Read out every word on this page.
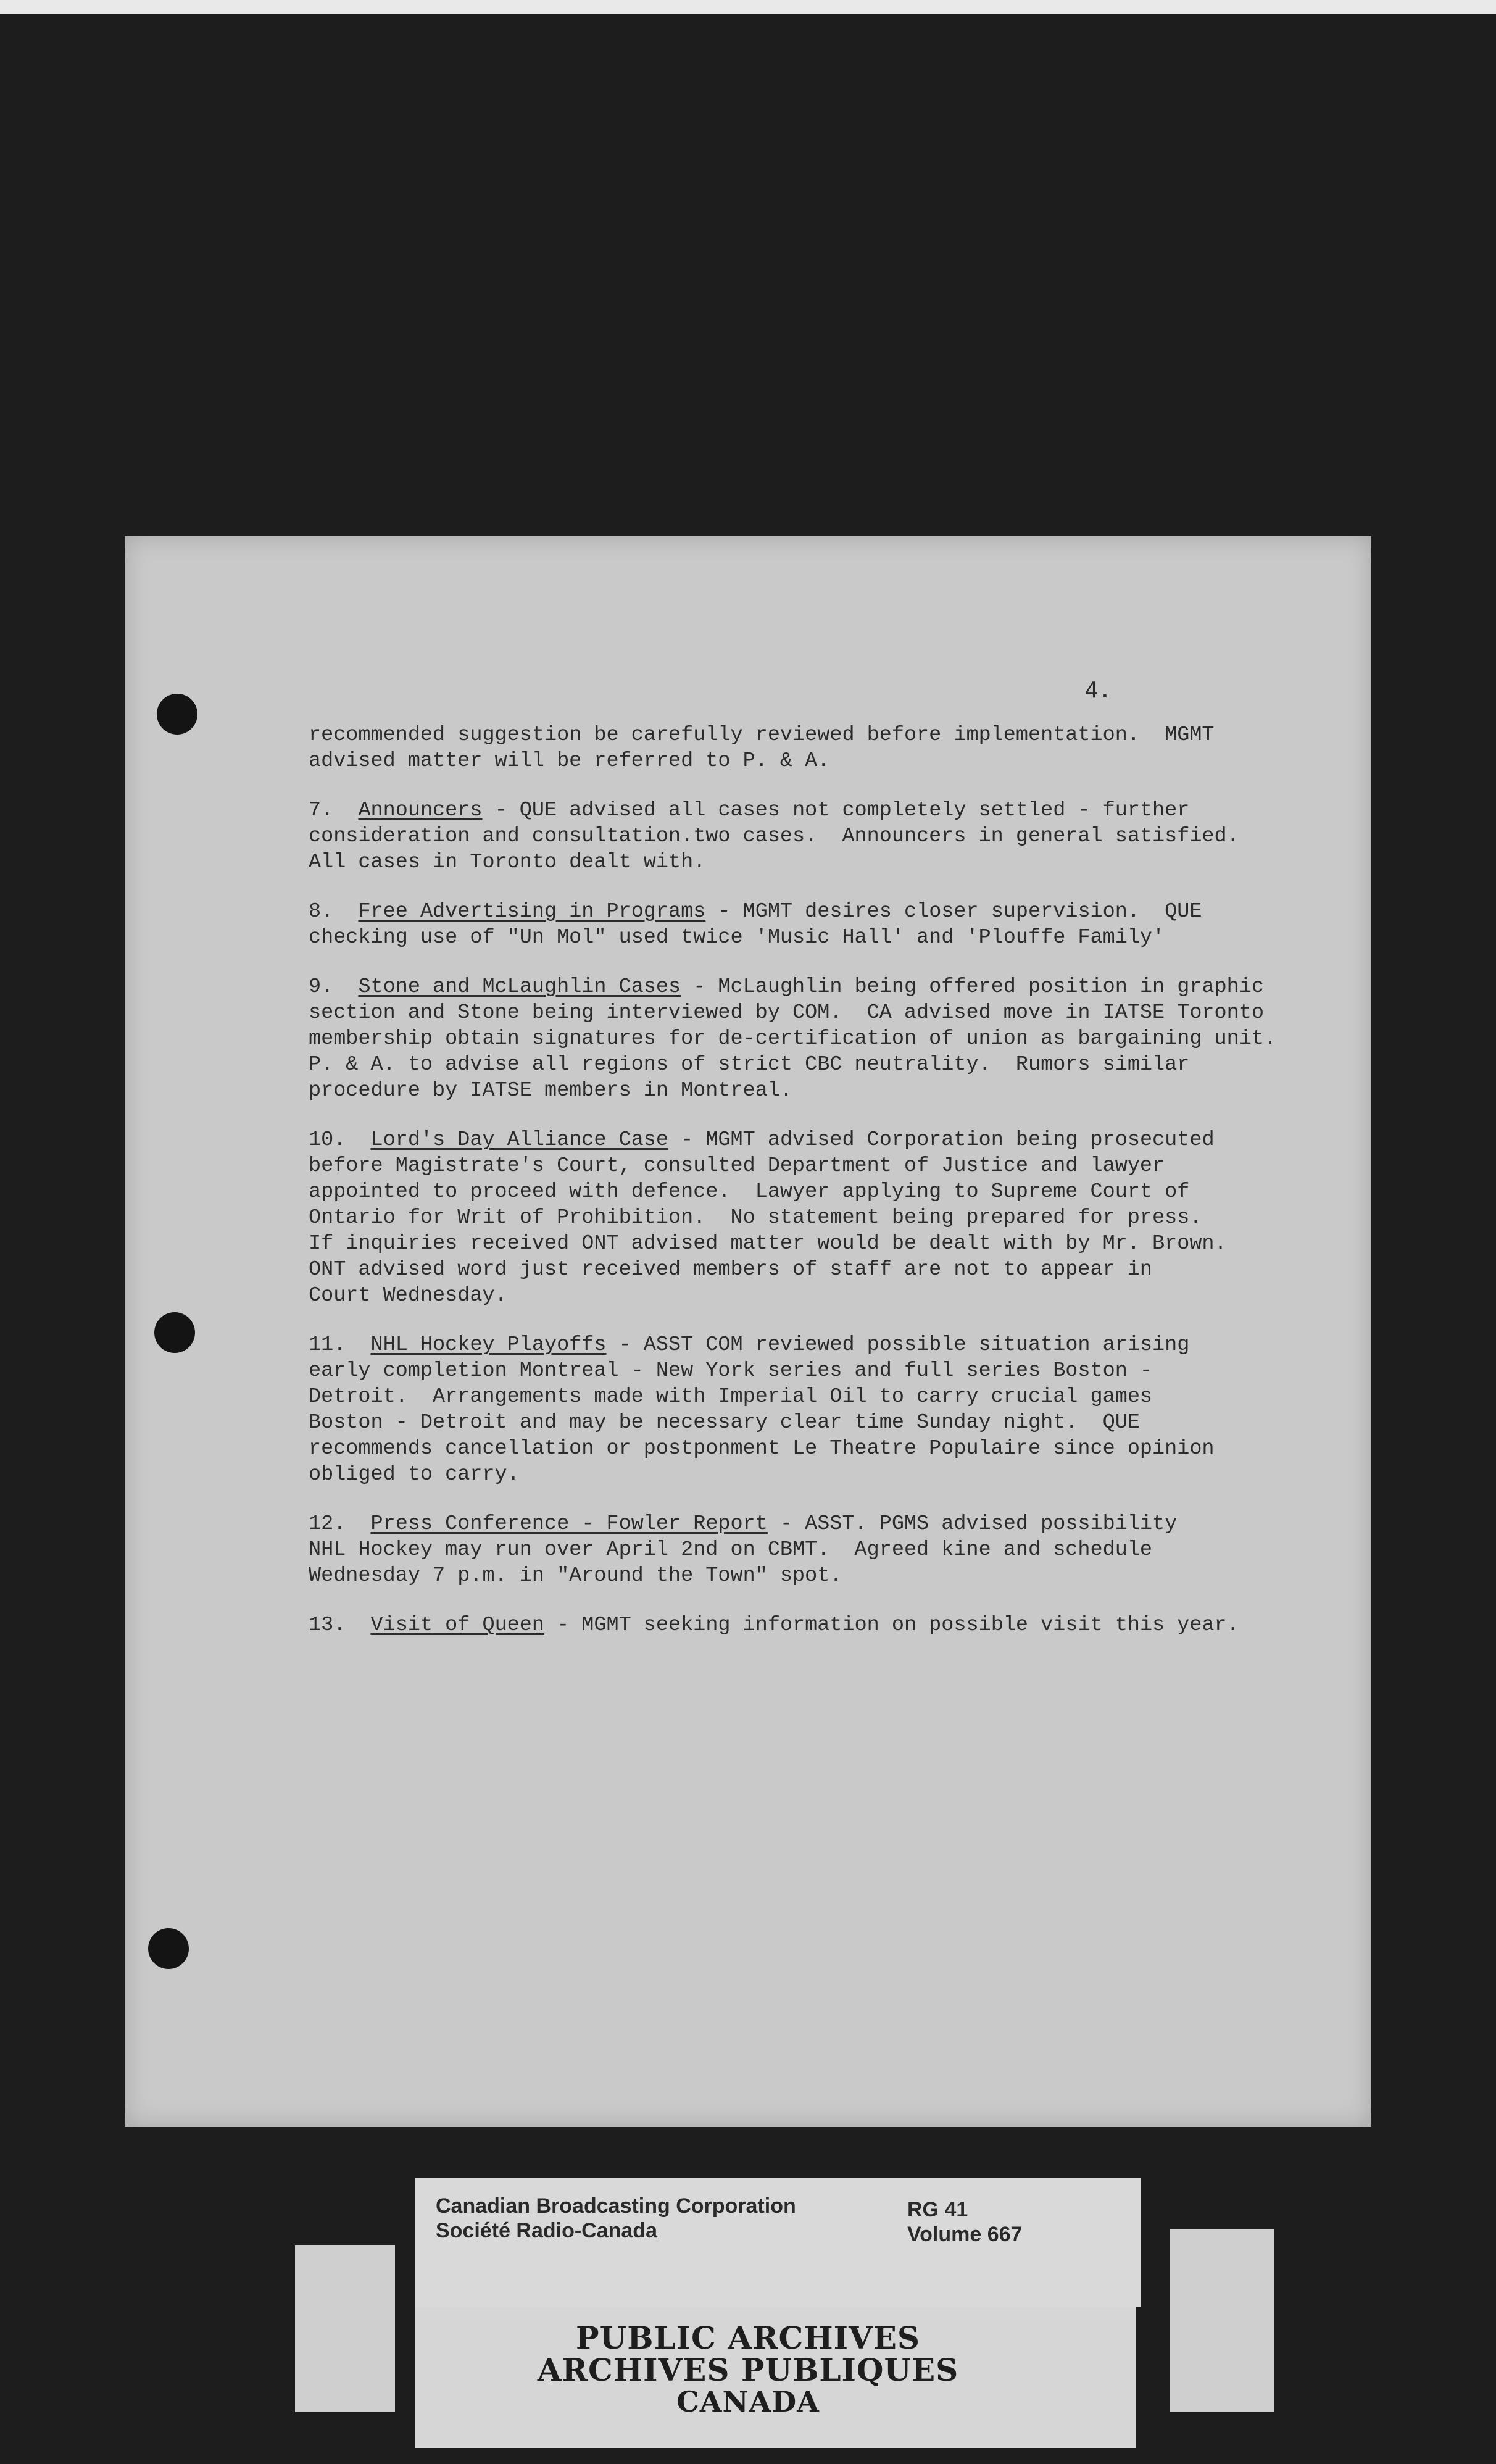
4.
recommended suggestion be carefully reviewed before implementation.  MGMT
advised matter will be referred to P. & A.
7. Announcers - QUE advised all cases not completely settled - further
consideration and consultation.two cases.  Announcers in general satisfied.
All cases in Toronto dealt with.
8. Free Advertising in Programs - MGMT desires closer supervision.  QUE
checking use of "Un Mol" used twice 'Music Hall' and 'Plouffe Family'
9. Stone and McLaughlin Cases - McLaughlin being offered position in graphic
section and Stone being interviewed by COM.  CA advised move in IATSE Toronto
membership obtain signatures for de-certification of union as bargaining unit.
P. & A. to advise all regions of strict CBC neutrality.  Rumors similar
procedure by IATSE members in Montreal.
10. Lord's Day Alliance Case - MGMT advised Corporation being prosecuted
before Magistrate's Court, consulted Department of Justice and lawyer
appointed to proceed with defence.  Lawyer applying to Supreme Court of
Ontario for Writ of Prohibition.  No statement being prepared for press.
If inquiries received ONT advised matter would be dealt with by Mr. Brown.
ONT advised word just received members of staff are not to appear in
Court Wednesday.
11. NHL Hockey Playoffs - ASST COM reviewed possible situation arising
early completion Montreal - New York series and full series Boston -
Detroit.  Arrangements made with Imperial Oil to carry crucial games
Boston - Detroit and may be necessary clear time Sunday night.  QUE
recommends cancellation or postponment Le Theatre Populaire since opinion
obliged to carry.
12. Press Conference - Fowler Report - ASST. PGMS advised possibility
NHL Hockey may run over April 2nd on CBMT.  Agreed kine and schedule
Wednesday 7 p.m. in "Around the Town" spot.
13. Visit of Queen - MGMT seeking information on possible visit this year.
Canadian Broadcasting Corporation
Société Radio-Canada
RG 41
Volume 667
PUBLIC ARCHIVES
ARCHIVES PUBLIQUES
CANADA
